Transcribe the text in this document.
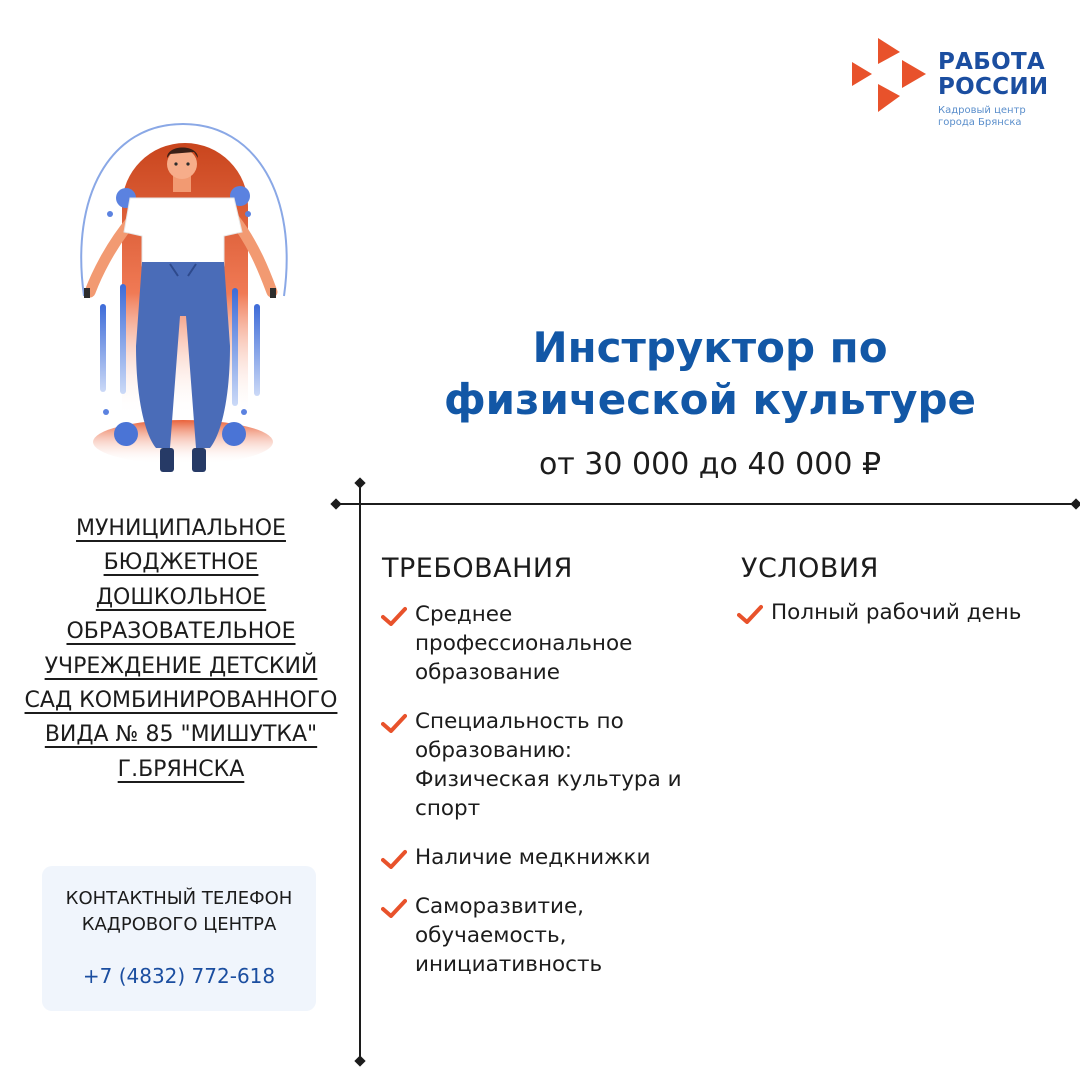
РАБОТА
РОССИИ
Кадровый центр
города Брянска
Инструктор по
физической культуре
от 30 000 до 40 000 ₽
МУНИЦИПАЛЬНОЕ БЮДЖЕТНОЕ ДОШКОЛЬНОЕ ОБРАЗОВАТЕЛЬНОЕ УЧРЕЖДЕНИЕ ДЕТСКИЙ САД КОМБИНИРОВАННОГО ВИДА № 85 "МИШУТКА" Г.БРЯНСКА
КОНТАКТНЫЙ ТЕЛЕФОН
КАДРОВОГО ЦЕНТРА
+7 (4832) 772-618
ТРЕБОВАНИЯ
Среднее профессиональное образование
Специальность по образованию: Физическая культура и спорт
Наличие медкнижки
Саморазвитие, обучаемость, инициативность
УСЛОВИЯ
Полный рабочий день
